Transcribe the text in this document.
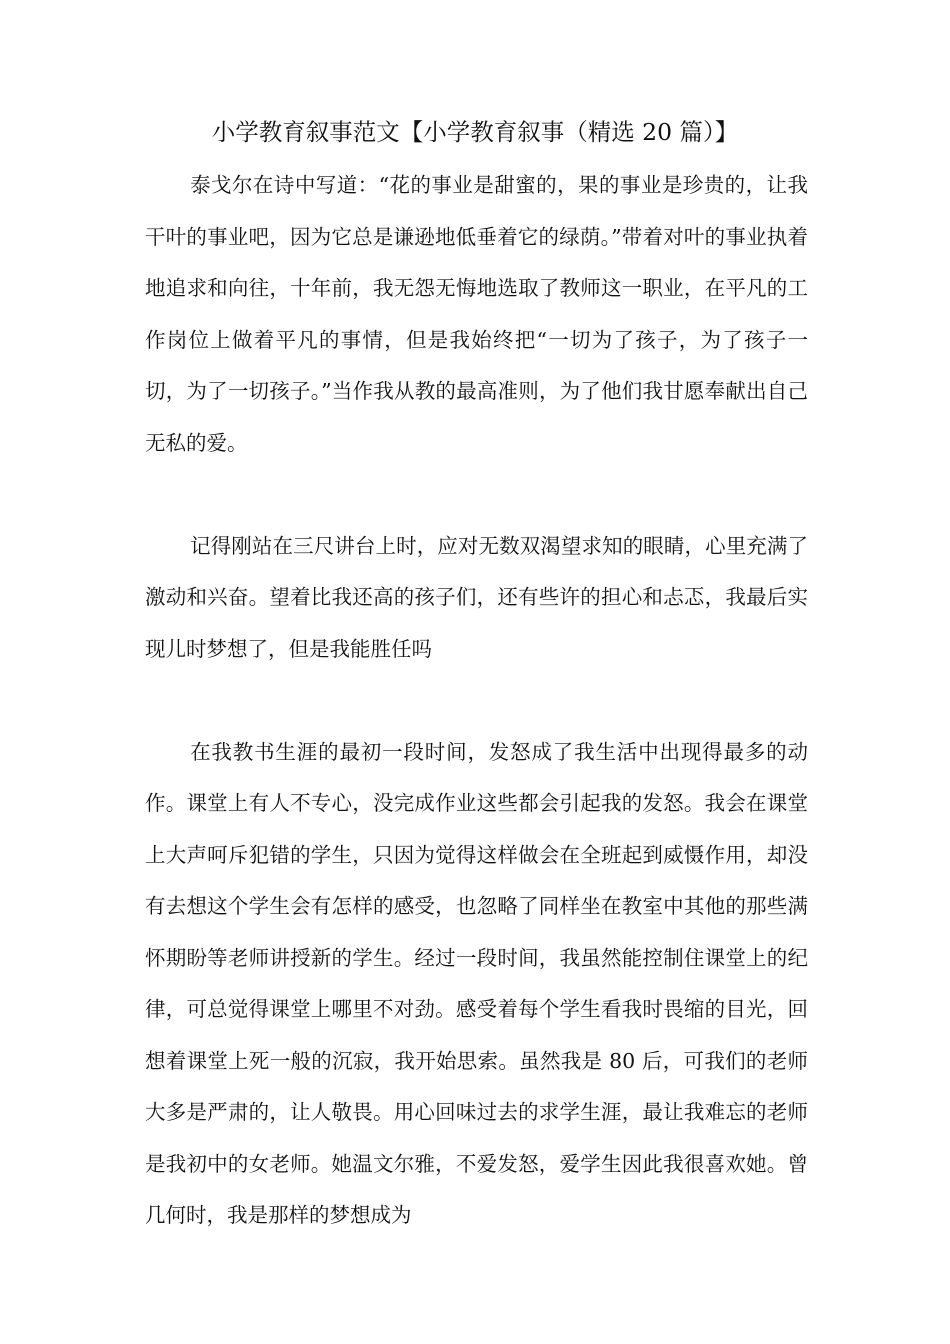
小学教育叙事范文【小学教育叙事（精选 20 篇）】

泰戈尔在诗中写道：“花的事业是甜蜜的，果的事业是珍贵的，让我干叶的事业吧，因为它总是谦逊地低垂着它的绿荫。”带着对叶的事业执着地追求和向往，十年前，我无怨无悔地选取了教师这一职业，在平凡的工作岗位上做着平凡的事情，但是我始终把“一切为了孩子，为了孩子一切，为了一切孩子。”当作我从教的最高准则，为了他们我甘愿奉献出自己无私的爱。

记得刚站在三尺讲台上时，应对无数双渴望求知的眼睛，心里充满了激动和兴奋。望着比我还高的孩子们，还有些许的担心和忐忑，我最后实现儿时梦想了，但是我能胜任吗

在我教书生涯的最初一段时间，发怒成了我生活中出现得最多的动作。课堂上有人不专心，没完成作业这些都会引起我的发怒。我会在课堂上大声呵斥犯错的学生，只因为觉得这样做会在全班起到威慑作用，却没有去想这个学生会有怎样的感受，也忽略了同样坐在教室中其他的那些满怀期盼等老师讲授新的学生。经过一段时间，我虽然能控制住课堂上的纪律，可总觉得课堂上哪里不对劲。感受着每个学生看我时畏缩的目光，回想着课堂上死一般的沉寂，我开始思索。虽然我是 80 后，可我们的老师大多是严肃的，让人敬畏。用心回味过去的求学生涯，最让我难忘的老师是我初中的女老师。她温文尔雅，不爱发怒，爱学生因此我很喜欢她。曾几何时，我是那样的梦想成为
